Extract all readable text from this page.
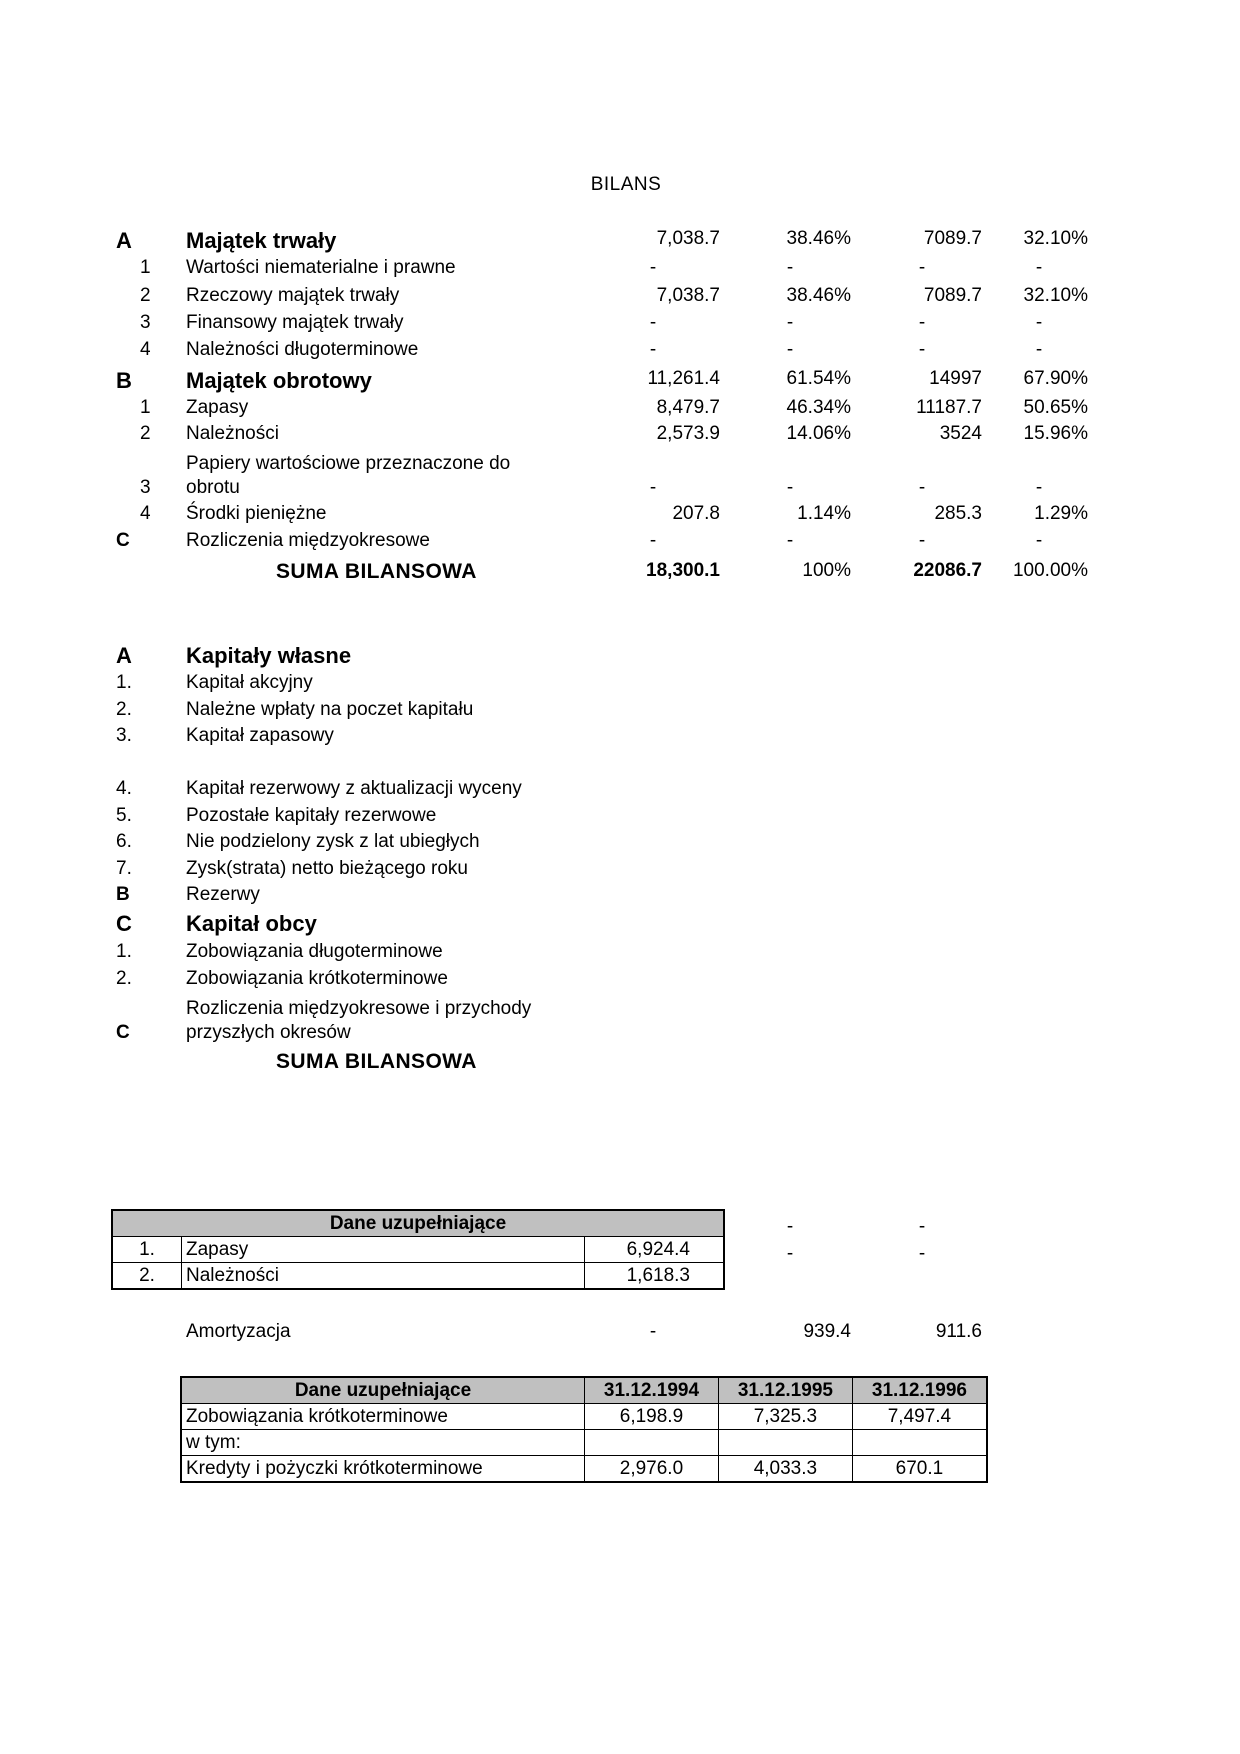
BILANS
A Majątek trwały	7,038.7	38.46%	7089.7 32.10%
1 Wartości niematerialne i prawne	-	-	-	-
2 Rzeczowy majątek trwały	7,038.7	38.46%	7089.7 32.10%
3 Finansowy majątek trwały	-	-	-	-
4 Należności długoterminowe	-	-	-	-
B Majątek obrotowy	11,261.4	61.54%	14997 67.90%
1 Zapasy	8,479.7	46.34%	11187.7 50.65%
2 Należności	2,573.9	14.06%	3524 15.96%
Papiery wartościowe przeznaczone do
3 obrotu	-	-	-	-
4 Środki pieniężne	207.8	1.14%	285.3	1.29%
C	Rozliczenia międzyokresowe	-	-	-	-
SUMA BILANSOWA	18,300.1	100%	22086.7 100.00%
A Kapitały własne
1.	Kapitał akcyjny
2.	Należne wpłaty na poczet kapitału
3.	Kapitał zapasowy
4.	Kapitał rezerwowy z aktualizacji wyceny
5.	Pozostałe kapitały rezerwowe
6.	Nie podzielony zysk z lat ubiegłych
7.	Zysk(strata) netto bieżącego roku
B	Rezerwy
C Kapitał obcy
1.	Zobowiązania długoterminowe
2.	Zobowiązania krótkoterminowe
Rozliczenia międzyokresowe i przychody
C	przyszłych okresów
SUMA BILANSOWA
Dane uzupełniające		
1.	Zapasy	6,924.4
2.	Należności	1,618.3
-	-
-	-
Amortyzacja	-	939.4	911.6
Dane uzupełniające	31.12.1994	31.12.1995	31.12.1996
Zobowiązania krótkoterminowe	6,198.9	7,325.3	7,497.4
w tym:			
Kredyty i pożyczki krótkoterminowe	2,976.0	4,033.3	670.1
